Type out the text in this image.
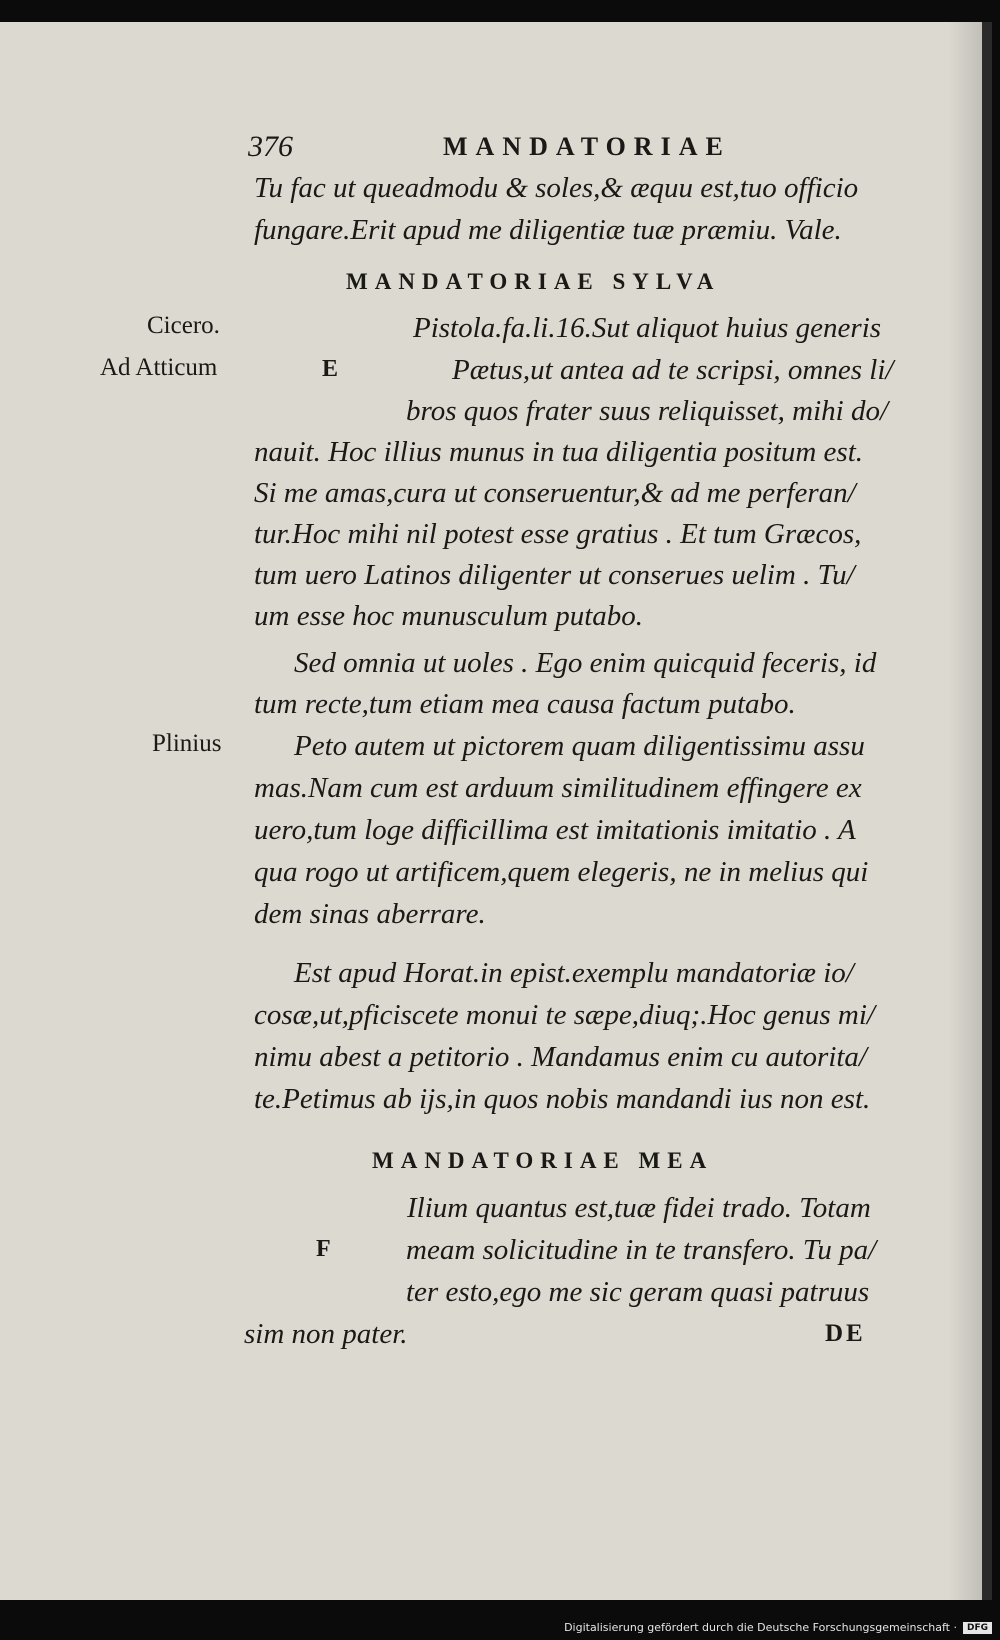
376	MANDATORIAE
Tu fac ut queadmodu & soles,& æquu est,tuo officio
fungare.Erit apud me diligentiæ tuæ præmiu. Vale.
MANDATORIAE SYLVA
Cicero.	Pistola.fa.li.16.Sut aliquot huius generis
Ad Atticum	E	Pætus,ut antea ad te scripsi, omnes li/
bros quos frater suus reliquisset, mihi do/
nauit. Hoc illius munus in tua diligentia positum est.
Si me amas,cura ut conseruentur,& ad me perferan/
tur.Hoc mihi nil potest esse gratius . Et tum Græcos,
tum uero Latinos diligenter ut conserues uelim . Tu/
um esse hoc munusculum putabo.
Sed omnia ut uoles . Ego enim quicquid feceris, id
tum recte,tum etiam mea causa factum putabo.
Plinius	Peto autem ut pictorem quam diligentissimu assu
mas.Nam cum est arduum similitudinem effingere ex
uero,tum loge difficillima est imitationis imitatio . A
qua rogo ut artificem,quem elegeris, ne in melius qui
dem sinas aberrare.
Est apud Horat.in epist.exemplu mandatoriæ io/
cosæ,ut,pficiscete monui te sæpe,diuq;.Hoc genus mi/
nimu abest a petitorio . Mandamus enim cu autorita/
te.Petimus ab ijs,in quos nobis mandandi ius non est.
MANDATORIAE MEA
Ilium quantus est,tuæ fidei trado. Totam
F	meam solicitudine in te transfero. Tu pa/
ter esto,ego me sic geram quasi patruus
sim non pater.	DE
Digitalisierung gefördert durch die Deutsche Forschungsgemeinschaft ·	DFG
